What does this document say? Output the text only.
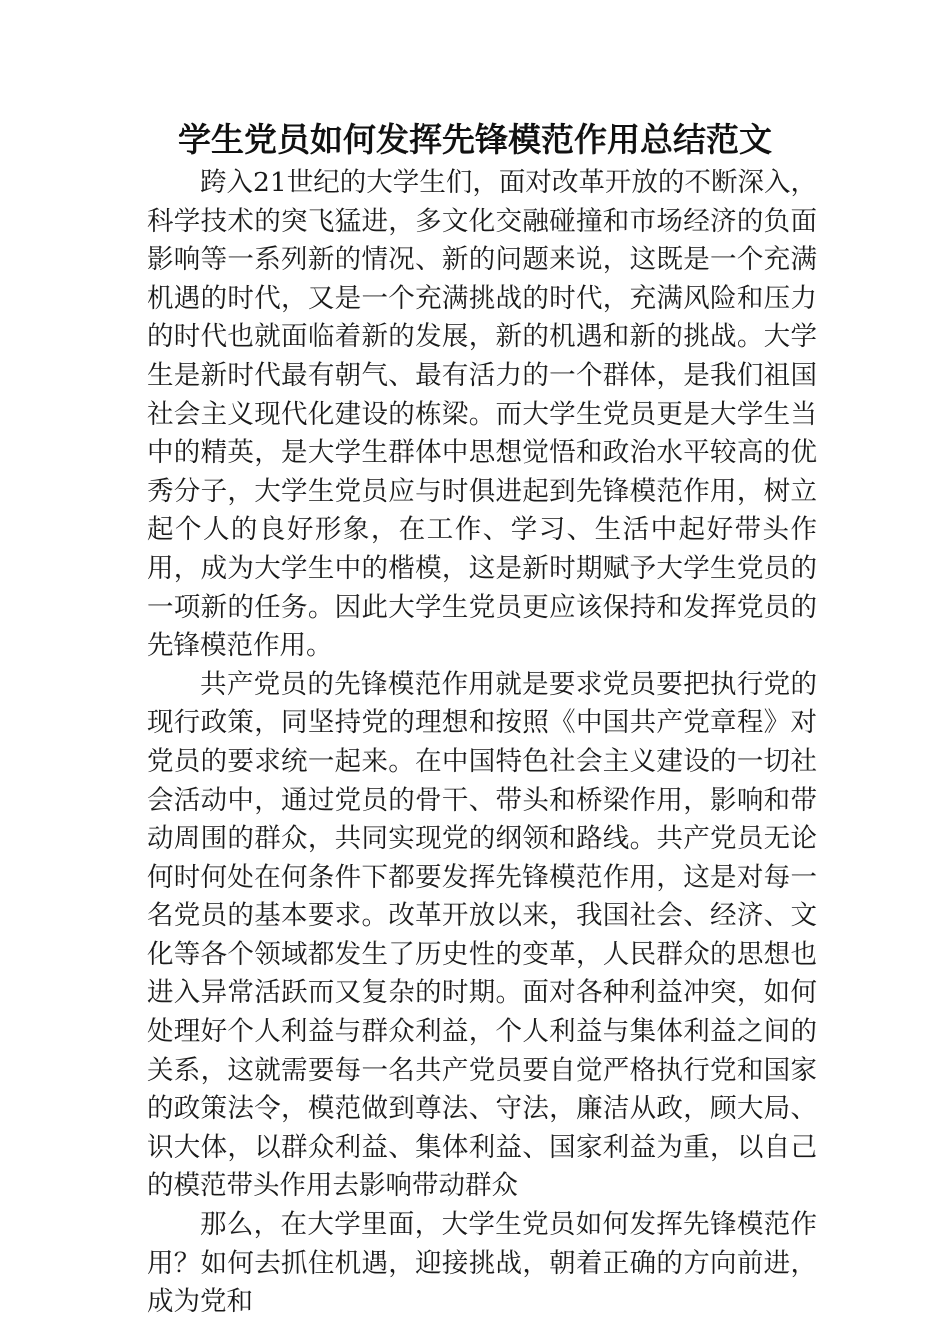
学生党员如何发挥先锋模范作用总结范文

跨入21世纪的大学生们，面对改革开放的不断深入，科学技术的突飞猛进，多文化交融碰撞和市场经济的负面影响等一系列新的情况、新的问题来说，这既是一个充满机遇的时代，又是一个充满挑战的时代，充满风险和压力的时代也就面临着新的发展，新的机遇和新的挑战。大学生是新时代最有朝气、最有活力的一个群体，是我们祖国社会主义现代化建设的栋梁。而大学生党员更是大学生当中的精英，是大学生群体中思想觉悟和政治水平较高的优秀分子，大学生党员应与时俱进起到先锋模范作用，树立起个人的良好形象，在工作、学习、生活中起好带头作用，成为大学生中的楷模，这是新时期赋予大学生党员的一项新的任务。因此大学生党员更应该保持和发挥党员的先锋模范作用。

共产党员的先锋模范作用就是要求党员要把执行党的现行政策，同坚持党的理想和按照《中国共产党章程》对党员的要求统一起来。在中国特色社会主义建设的一切社会活动中，通过党员的骨干、带头和桥梁作用，影响和带动周围的群众，共同实现党的纲领和路线。共产党员无论何时何处在何条件下都要发挥先锋模范作用，这是对每一名党员的基本要求。改革开放以来，我国社会、经济、文化等各个领域都发生了历史性的变革，人民群众的思想也进入异常活跃而又复杂的时期。面对各种利益冲突，如何处理好个人利益与群众利益，个人利益与集体利益之间的关系，这就需要每一名共产党员要自觉严格执行党和国家的政策法令，模范做到尊法、守法，廉洁从政，顾大局、识大体，以群众利益、集体利益、国家利益为重，以自己的模范带头作用去影响带动群众

那么，在大学里面，大学生党员如何发挥先锋模范作用？如何去抓住机遇，迎接挑战，朝着正确的方向前进，成为党和
